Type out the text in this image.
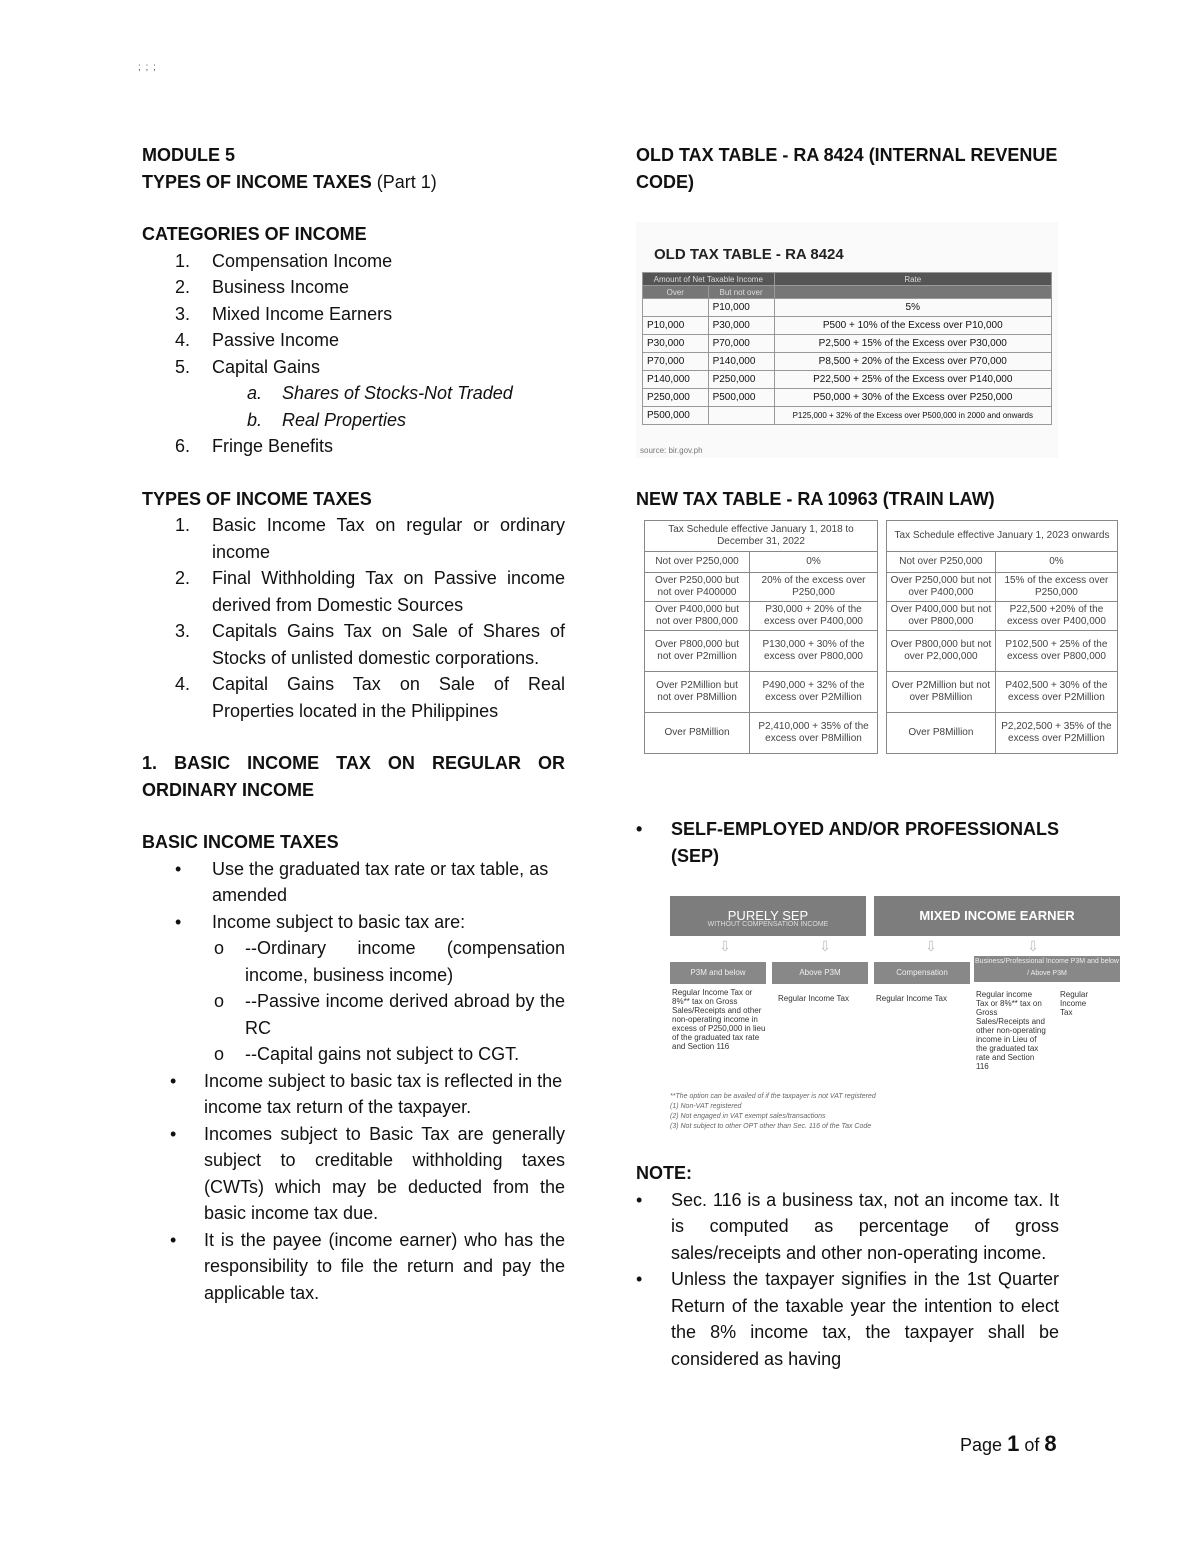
; ; ;
MODULE 5
TYPES OF INCOME TAXES (Part 1)
CATEGORIES OF INCOME
1.	Compensation Income
2.	Business Income
3.	Mixed Income Earners
4.	Passive Income
5.	Capital Gains
a.	Shares of Stocks-Not Traded
b.	Real Properties
6.	Fringe Benefits
TYPES OF INCOME TAXES
1.	Basic Income Tax on regular or ordinary income
2.	Final Withholding Tax on Passive income derived from Domestic Sources
3.	Capitals Gains Tax on Sale of Shares of Stocks of unlisted domestic corporations.
4.	Capital Gains Tax on Sale of Real Properties located in the Philippines
1. BASIC INCOME TAX ON REGULAR OR ORDINARY INCOME
BASIC INCOME TAXES
•	Use the graduated tax rate or tax table, as amended
•	Income subject to basic tax are:
o	--Ordinary income (compensation income, business income)
o	--Passive income derived abroad by the RC
o	--Capital gains not subject to CGT.
•	Income subject to basic tax is reflected in the income tax return of the taxpayer.
•	Incomes subject to Basic Tax are generally subject to creditable withholding taxes (CWTs) which may be deducted from the basic income tax due.
•	It is the payee (income earner) who has the responsibility to file the return and pay the applicable tax.
OLD TAX TABLE - RA 8424 (INTERNAL REVENUE CODE)
OLD TAX TABLE - RA 8424
Amount of Net Taxable Income		Rate
Over	But not over	
	P10,000	5%
P10,000	P30,000	P500 + 10% of the Excess over P10,000
P30,000	P70,000	P2,500 + 15% of the Excess over P30,000
P70,000	P140,000	P8,500 + 20% of the Excess over P70,000
P140,000	P250,000	P22,500 + 25% of the Excess over P140,000
P250,000	P500,000	P50,000 + 30% of the Excess over P250,000
P500,000		P125,000 + 32% of the Excess over P500,000 in 2000 and onwards
source: bir.gov.ph
NEW TAX TABLE - RA 10963 (TRAIN LAW)
Tax Schedule effective January 1, 2018 to December 31, 2022	
Not over P250,000	0%
Over P250,000 but not over P400000	20% of the excess over P250,000
Over P400,000 but not over P800,000	P30,000 + 20% of the excess over P400,000
Over P800,000 but not over P2million	P130,000 + 30% of the excess over P800,000
Over P2Million but not over P8Million	P490,000 + 32% of the excess over P2Million
Over P8Million	P2,410,000 + 35% of the excess over P8Million
Tax Schedule effective January 1, 2023 onwards	
Not over P250,000	0%
Over P250,000 but not over P400,000	15% of the excess over P250,000
Over P400,000 but not over P800,000	P22,500 +20% of the excess over P400,000
Over P800,000 but not over P2,000,000	P102,500 + 25% of the excess over P800,000
Over P2Million but not over P8Million	P402,500 + 30% of the excess over P2Million
Over P8Million	P2,202,500 + 35% of the excess over P2Million
•	SELF-EMPLOYED AND/OR PROFESSIONALS (SEP)
PURELY SEP
WITHOUT COMPENSATION INCOME
MIXED INCOME EARNER
⇩	⇩	⇩	⇩
P3M and below	Above P3M	Compensation
Business/Professional Income P3M and below / Above P3M
Regular Income Tax or 8%** tax on Gross Sales/Receipts and other non-operating income in excess of P250,000 in lieu of the graduated tax rate and Section 116
Regular Income Tax	Regular Income Tax	Regular income Tax or 8%** tax on Gross Sales/Receipts and other non-operating income in Lieu of the graduated tax rate and Section 116
Regular Income Tax
**The option can be availed of if the taxpayer is not VAT registered
(1) Non-VAT registered
(2) Not engaged in VAT exempt sales/transactions
(3) Not subject to other OPT other than Sec. 116 of the Tax Code
NOTE:
•	Sec. 116 is a business tax, not an income tax. It is computed as percentage of gross sales/receipts and other non-operating income.
•	Unless the taxpayer signifies in the 1st Quarter Return of the taxable year the intention to elect the 8% income tax, the taxpayer shall be considered as having
Page 1 of 8
